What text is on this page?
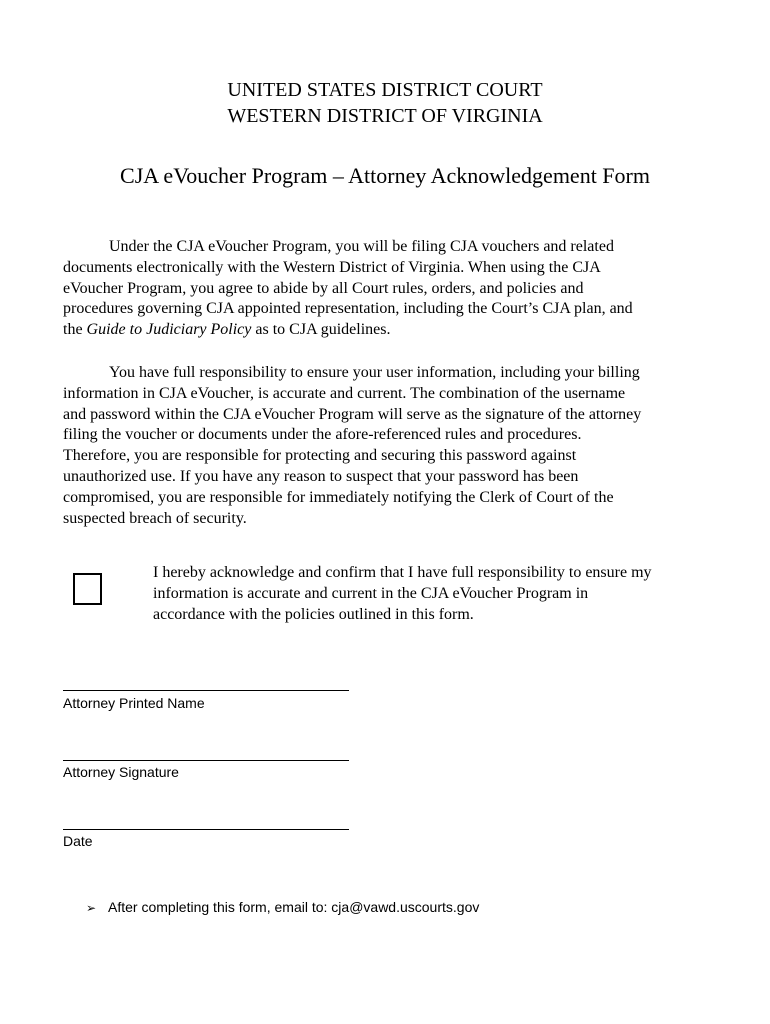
UNITED STATES DISTRICT COURT
WESTERN DISTRICT OF VIRGINIA
CJA eVoucher Program – Attorney Acknowledgement Form
Under the CJA eVoucher Program, you will be filing CJA vouchers and related
documents electronically with the Western District of Virginia. When using the CJA
eVoucher Program, you agree to abide by all Court rules, orders, and policies and
procedures governing CJA appointed representation, including the Court’s CJA plan, and
the Guide to Judiciary Policy as to CJA guidelines.
You have full responsibility to ensure your user information, including your billing
information in CJA eVoucher, is accurate and current. The combination of the username
and password within the CJA eVoucher Program will serve as the signature of the attorney
filing the voucher or documents under the afore-referenced rules and procedures.
Therefore, you are responsible for protecting and securing this password against
unauthorized use. If you have any reason to suspect that your password has been
compromised, you are responsible for immediately notifying the Clerk of Court of the
suspected breach of security.
I hereby acknowledge and confirm that I have full responsibility to ensure my
information is accurate and current in the CJA eVoucher Program in
accordance with the policies outlined in this form.
Attorney Printed Name
Attorney Signature
Date
➢ After completing this form, email to: cja@vawd.uscourts.gov
